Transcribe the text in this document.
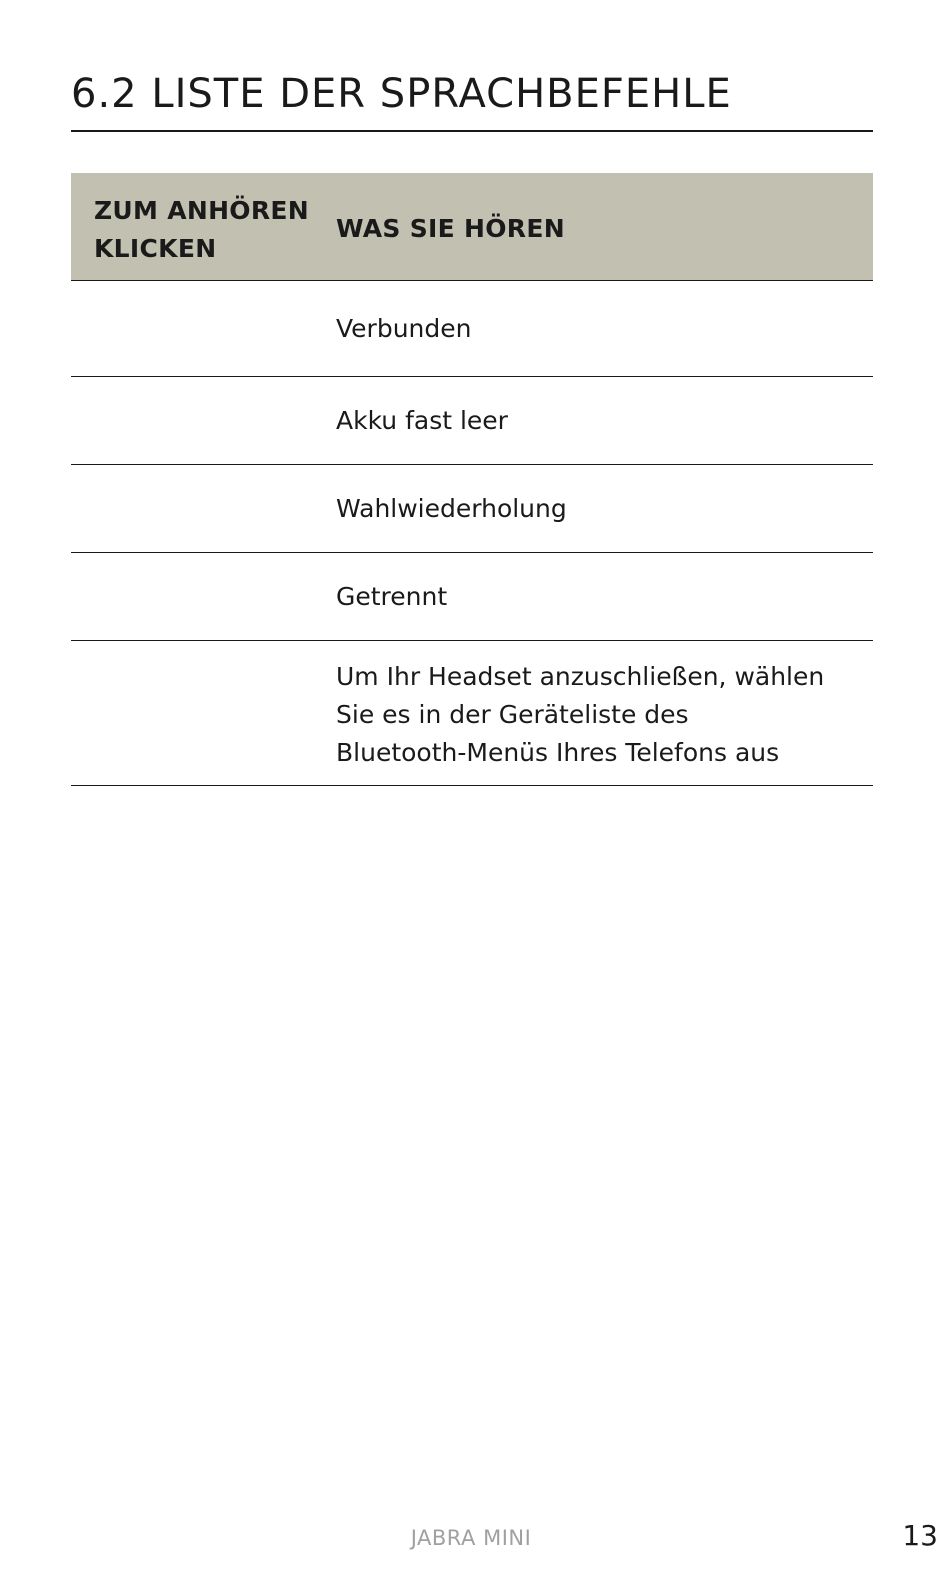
6.2 LISTE DER SPRACHBEFEHLE
ZUM ANHÖREN KLICKEN
WAS SIE HÖREN
Verbunden
Akku fast leer
Wahlwiederholung
Getrennt
Um Ihr Headset anzuschließen, wählen Sie es in der Geräteliste des Bluetooth-Menüs Ihres Telefons aus
JABRA MINI	13
